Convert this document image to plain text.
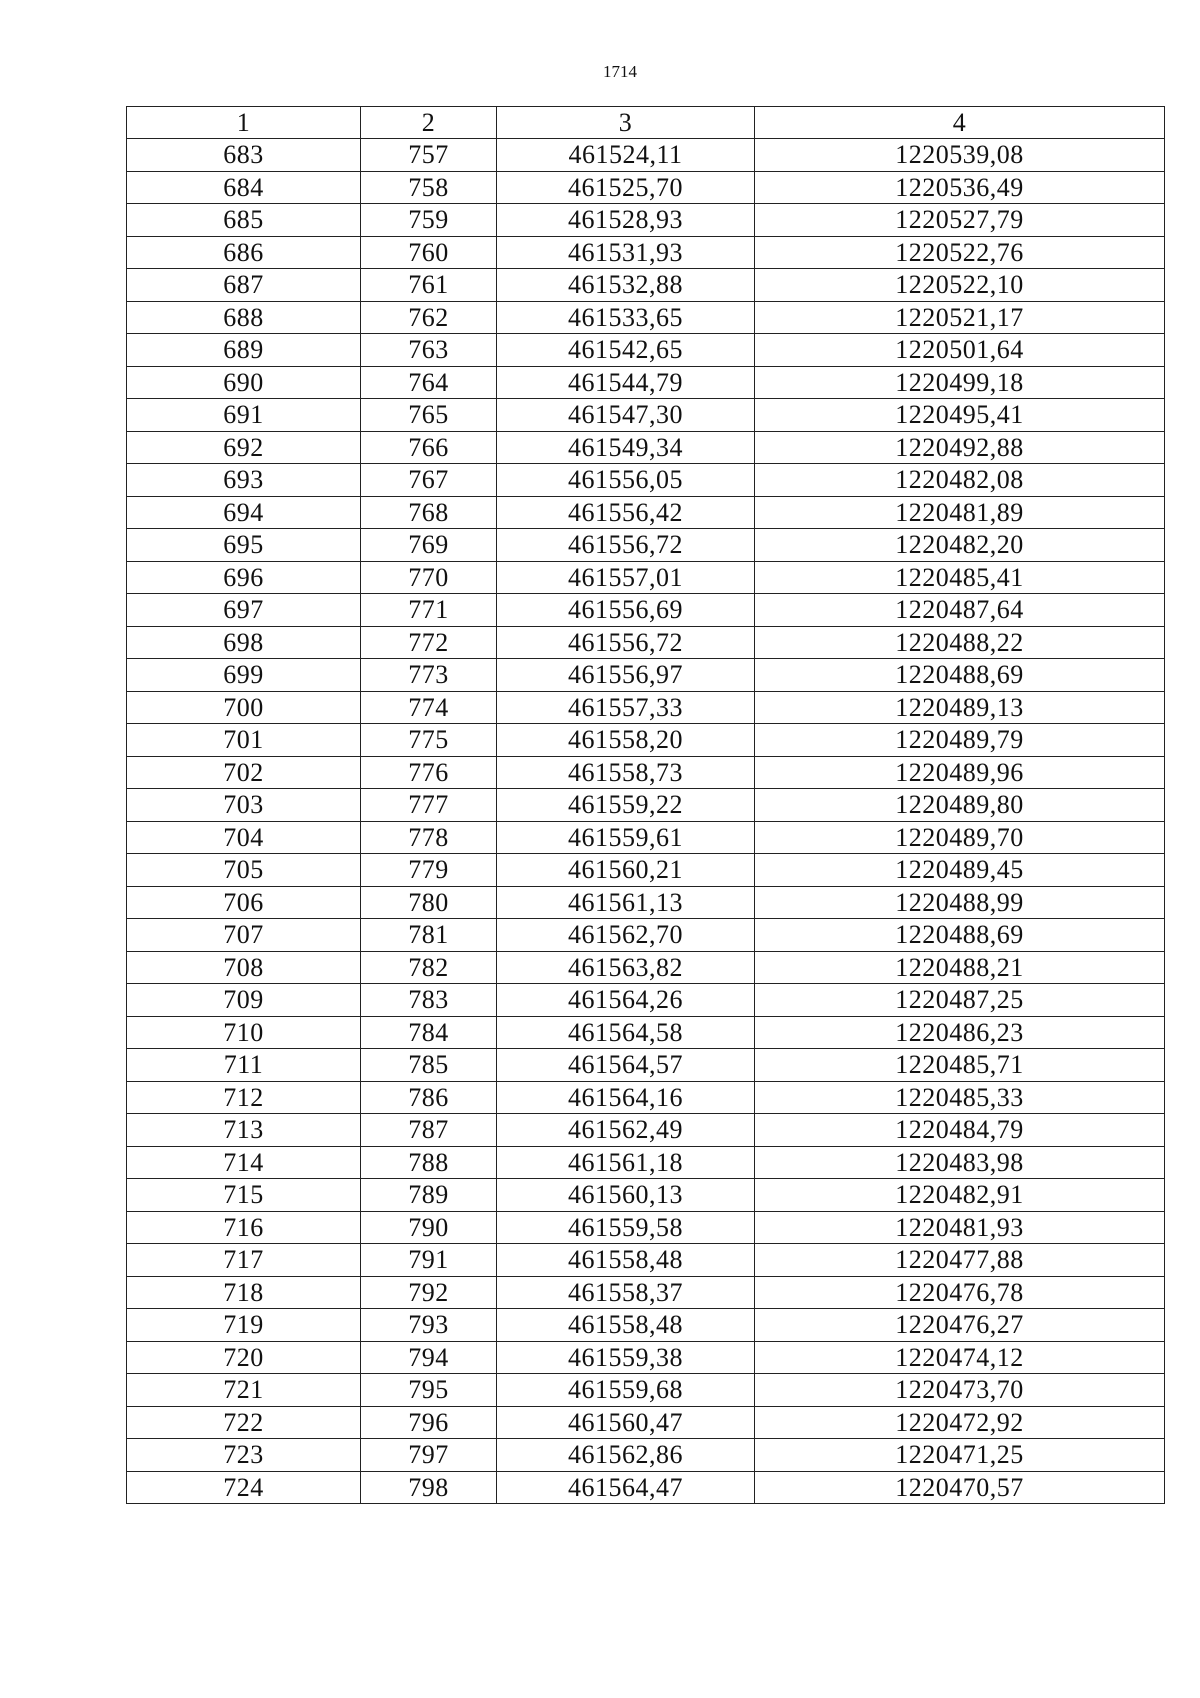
1714
1	2	3	4
683	757	461524,11	1220539,08
684	758	461525,70	1220536,49
685	759	461528,93	1220527,79
686	760	461531,93	1220522,76
687	761	461532,88	1220522,10
688	762	461533,65	1220521,17
689	763	461542,65	1220501,64
690	764	461544,79	1220499,18
691	765	461547,30	1220495,41
692	766	461549,34	1220492,88
693	767	461556,05	1220482,08
694	768	461556,42	1220481,89
695	769	461556,72	1220482,20
696	770	461557,01	1220485,41
697	771	461556,69	1220487,64
698	772	461556,72	1220488,22
699	773	461556,97	1220488,69
700	774	461557,33	1220489,13
701	775	461558,20	1220489,79
702	776	461558,73	1220489,96
703	777	461559,22	1220489,80
704	778	461559,61	1220489,70
705	779	461560,21	1220489,45
706	780	461561,13	1220488,99
707	781	461562,70	1220488,69
708	782	461563,82	1220488,21
709	783	461564,26	1220487,25
710	784	461564,58	1220486,23
711	785	461564,57	1220485,71
712	786	461564,16	1220485,33
713	787	461562,49	1220484,79
714	788	461561,18	1220483,98
715	789	461560,13	1220482,91
716	790	461559,58	1220481,93
717	791	461558,48	1220477,88
718	792	461558,37	1220476,78
719	793	461558,48	1220476,27
720	794	461559,38	1220474,12
721	795	461559,68	1220473,70
722	796	461560,47	1220472,92
723	797	461562,86	1220471,25
724	798	461564,47	1220470,57
